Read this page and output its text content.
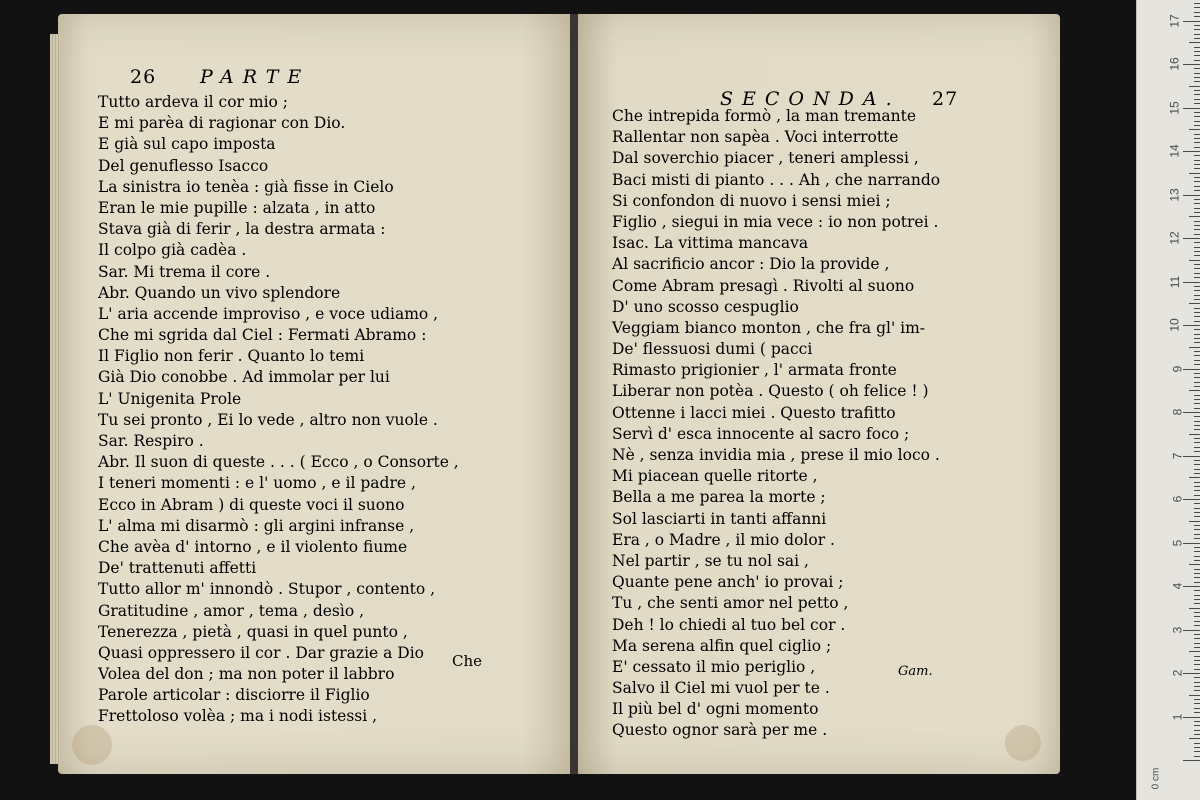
26 PARTE
Tutto ardeva il cor mio ;
E mi parèa di ragionar con Dio.
E già sul capo imposta
Del genuflesso Isacco
La sinistra io tenèa : già fisse in Cielo
Eran le mie pupille : alzata , in atto
Stava già di ferir , la destra armata :
Il colpo già cadèa .
Sar. Mi trema il core .
Abr. Quando un vivo splendore
L' aria accende improviso , e voce udiamo ,
Che mi sgrida dal Ciel : Fermati Abramo :
Il Figlio non ferir . Quanto lo temi
Già Dio conobbe . Ad immolar per lui
L' Unigenita Prole
Tu sei pronto , Ei lo vede , altro non vuole .
Sar. Respiro .
Abr. Il suon di queste . . . ( Ecco , o Consorte ,
I teneri momenti : e l' uomo , e il padre ,
Ecco in Abram ) di queste voci il suono
L' alma mi disarmò : gli argini infranse ,
Che avèa d' intorno , e il violento fiume
De' trattenuti affetti
Tutto allor m' innondò . Stupor , contento ,
Gratitudine , amor , tema , desìo ,
Tenerezza , pietà , quasi in quel punto ,
Quasi oppressero il cor . Dar grazie a Dio
Volea del don ; ma non poter il labbro
Parole articolar : disciorre il Figlio
Frettoloso volèa ; ma i nodi istessi ,
Che
SECONDA. 27
Che intrepida formò , la man tremante
Rallentar non sapèa . Voci interrotte
Dal soverchio piacer , teneri amplessi ,
Baci misti di pianto . . . Ah , che narrando
Si confondon di nuovo i sensi miei ;
Figlio , siegui in mia vece : io non potrei .
Isac. La vittima mancava
Al sacrificio ancor : Dio la provide ,
Come Abram presagì . Rivolti al suono
D' uno scosso cespuglio
Veggiam bianco monton , che fra gl' im-
De' flessuosi dumi ( pacci
Rimasto prigionier , l' armata fronte
Liberar non potèa . Questo ( oh felice ! )
Ottenne i lacci miei . Questo trafitto
Servì d' esca innocente al sacro foco ;
Nè , senza invidia mia , prese il mio loco .
Mi piacean quelle ritorte ,
Bella a me parea la morte ;
Sol lasciarti in tanti affanni
Era , o Madre , il mio dolor .
Nel partir , se tu nol sai ,
Quante pene anch' io provai ;
Tu , che senti amor nel petto ,
Deh ! lo chiedi al tuo bel cor .
Ma serena alfin quel ciglio ;
E' cessato il mio periglio ,
Salvo il Ciel mi vuol per te .
Il più bel d' ogni momento
Questo ognor sarà per me .
Gam.
0 cm
1
2
3
4
5
6
7
8
9
10
11
12
13
14
15
16
17
